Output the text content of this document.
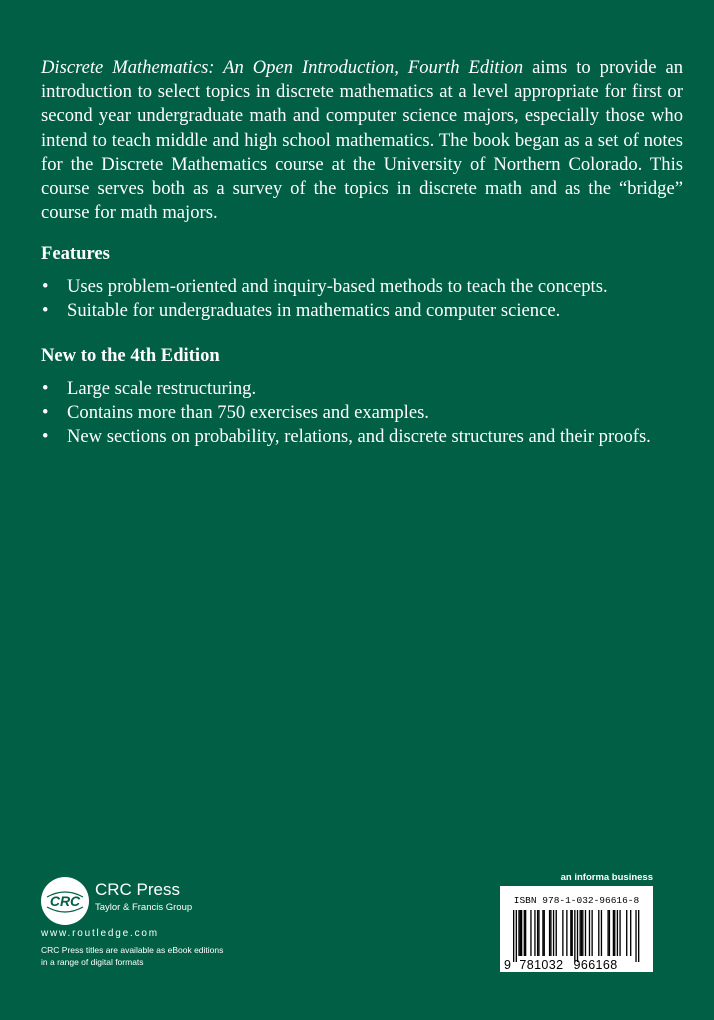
Discrete Mathematics: An Open Introduction, Fourth Edition aims to provide an introduction to select topics in discrete mathematics at a level appropriate for first or second year undergraduate math and computer science majors, especially those who intend to teach middle and high school mathematics. The book began as a set of notes for the Discrete Mathematics course at the University of Northern Colorado. This course serves both as a survey of the topics in discrete math and as the “bridge” course for math majors.

Features
• Uses problem-oriented and inquiry-based methods to teach the concepts.
• Suitable for undergraduates in mathematics and computer science.
New to the 4th Edition
• Large scale restructuring.
• Contains more than 750 exercises and examples.
• New sections on probability, relations, and discrete structures and their proofs.
CRC
CRC Press
Taylor & Francis Group
www.routledge.com
CRC Press titles are available as eBook editions
in a range of digital formats
an informa business
ISBN 978-1-032-96616-8
9 781032 966168
